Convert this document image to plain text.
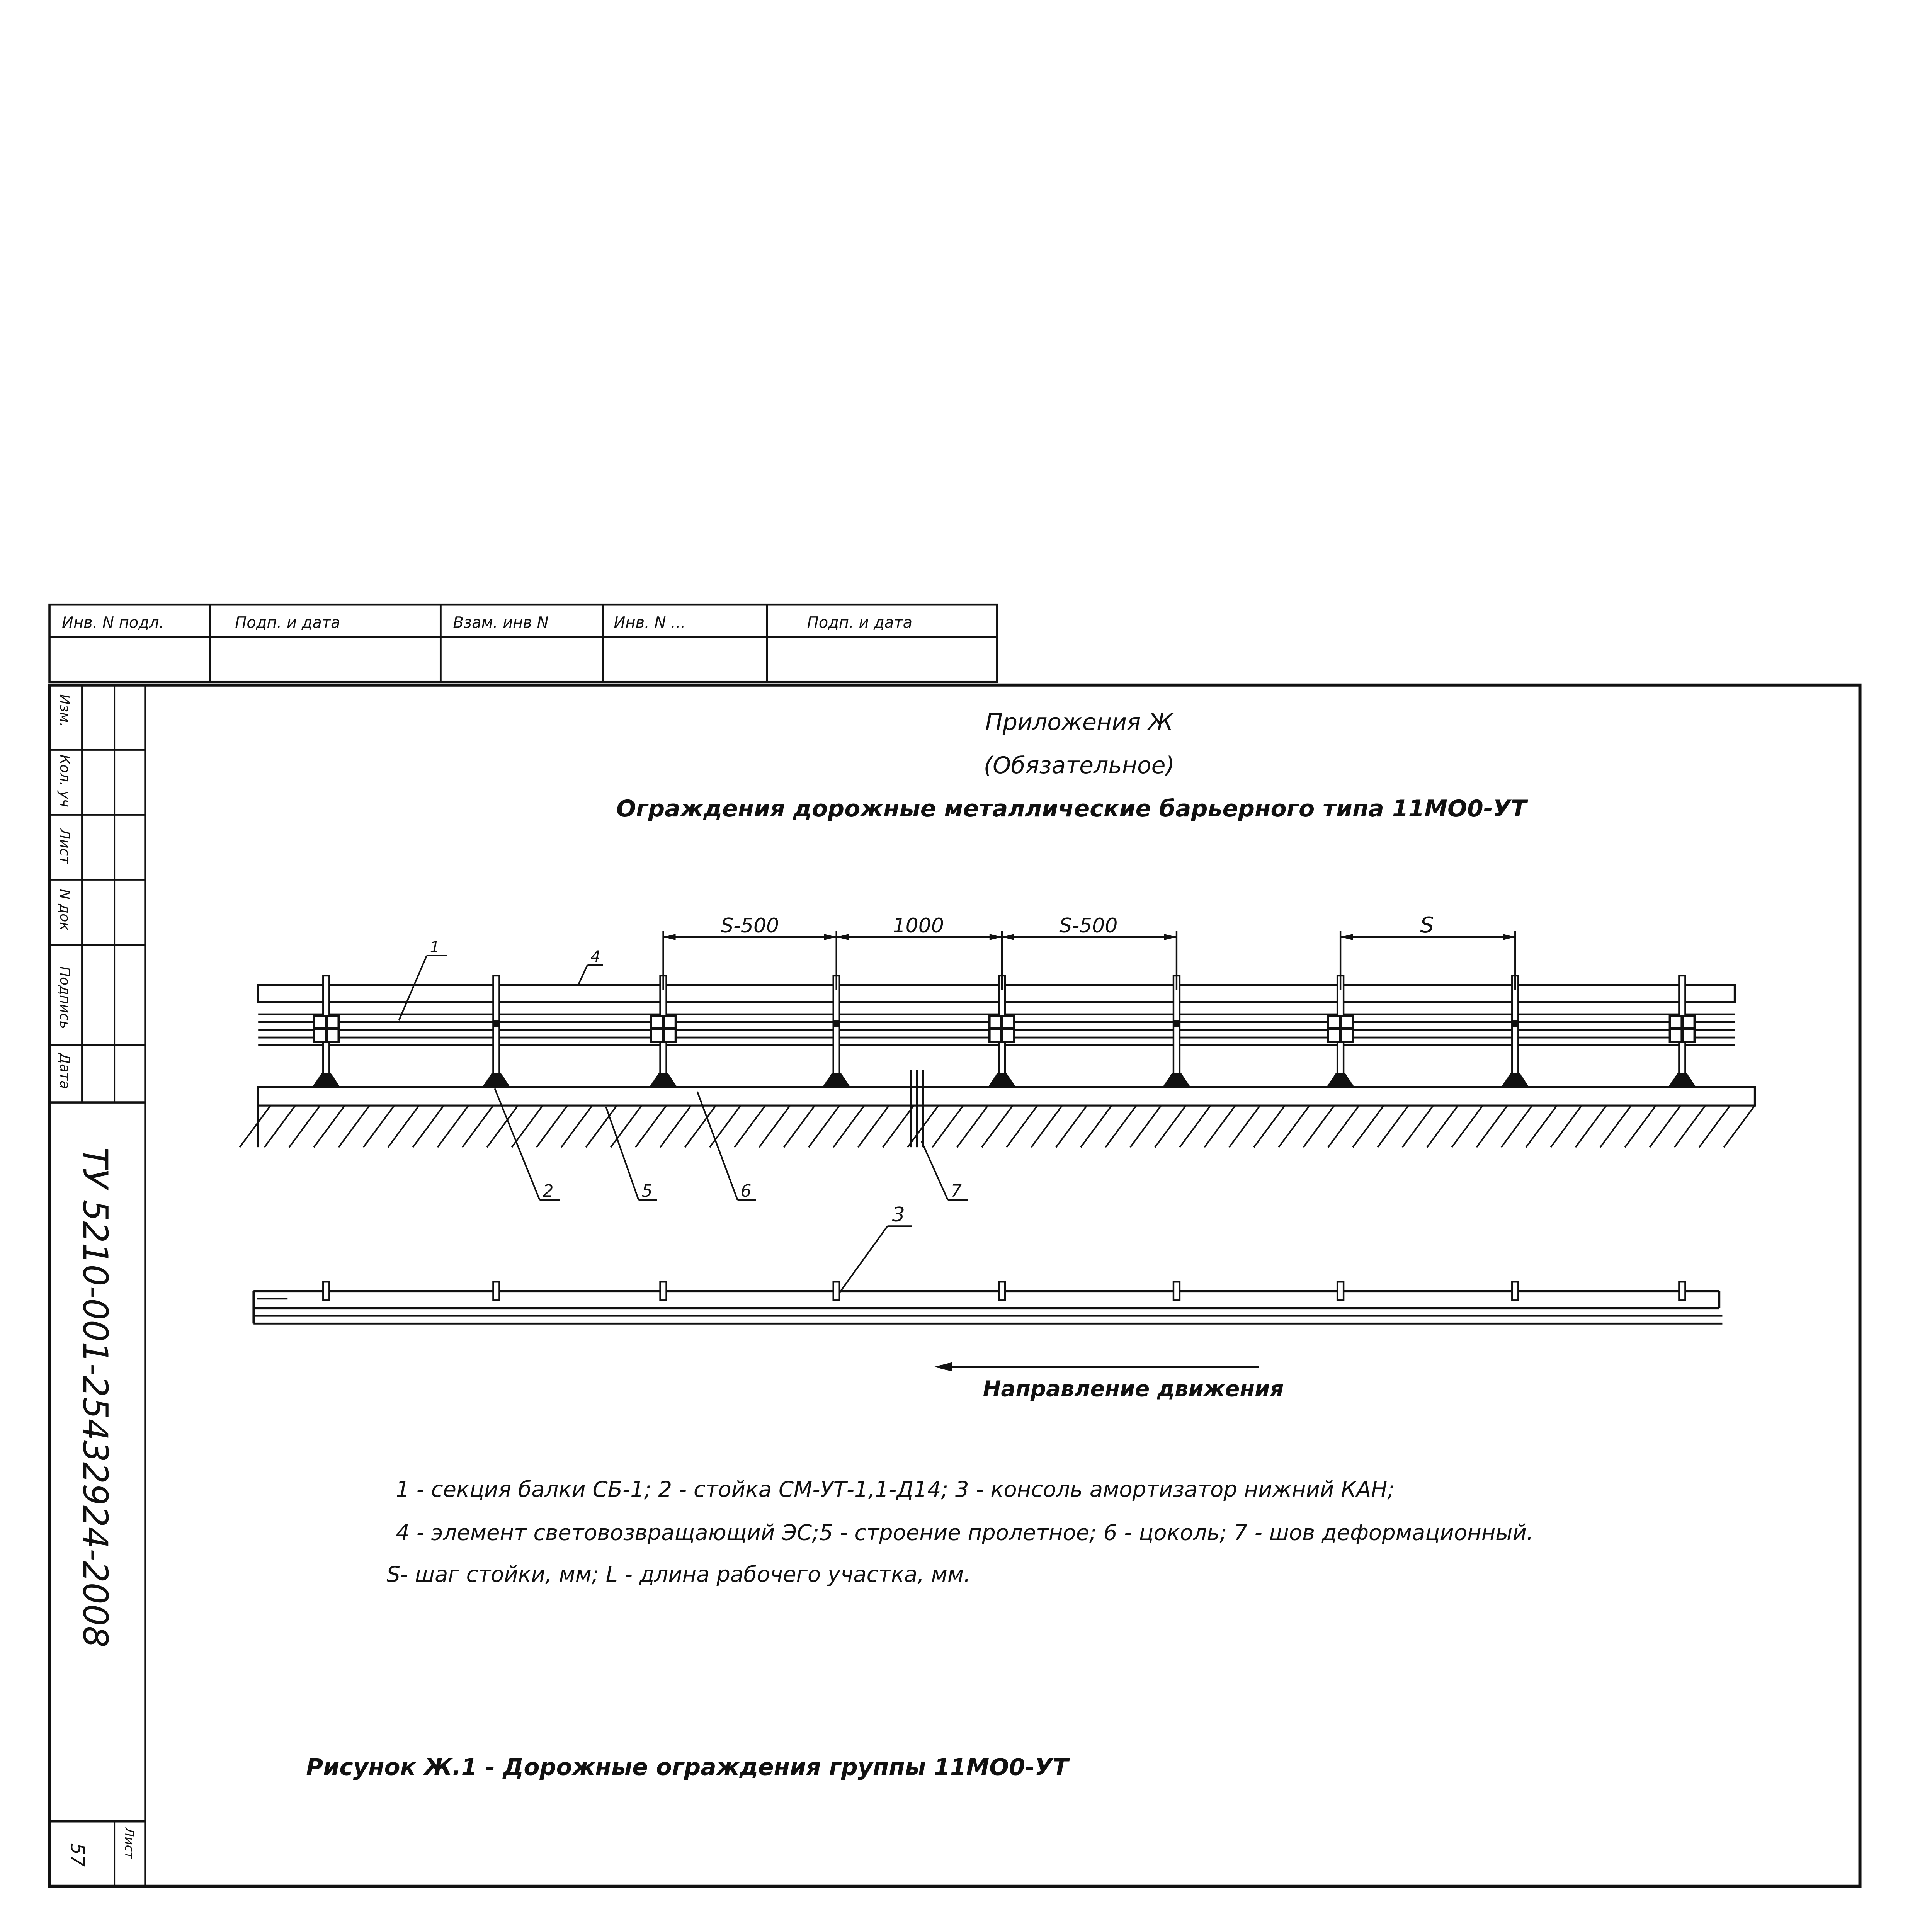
Инв. N подл.	Подп. и дата	Взам. инв N	Инв. N ...	Подп. и дата
Изм.
Кол. уч
Лист
N док
Подпись
Дата
ТУ 5210-001-25432924-2008
Лист
57
Приложения Ж
(Обязательное)
Ограждения дорожные металлические барьерного типа 11МО0-УТ
S-500	1000	S-500	S
1
4
2	5	6	7
3
Направление движения
1 - секция балки СБ-1; 2 - стойка СМ-УТ-1,1-Д14; 3 - консоль амортизатор нижний КАН;
4 - элемент световозвращающий ЭС;5 - строение пролетное; 6 - цоколь; 7 - шов деформационный.
S- шаг стойки, мм; L - длина рабочего участка, мм.
Рисунок Ж.1 - Дорожные ограждения группы 11МО0-УТ
